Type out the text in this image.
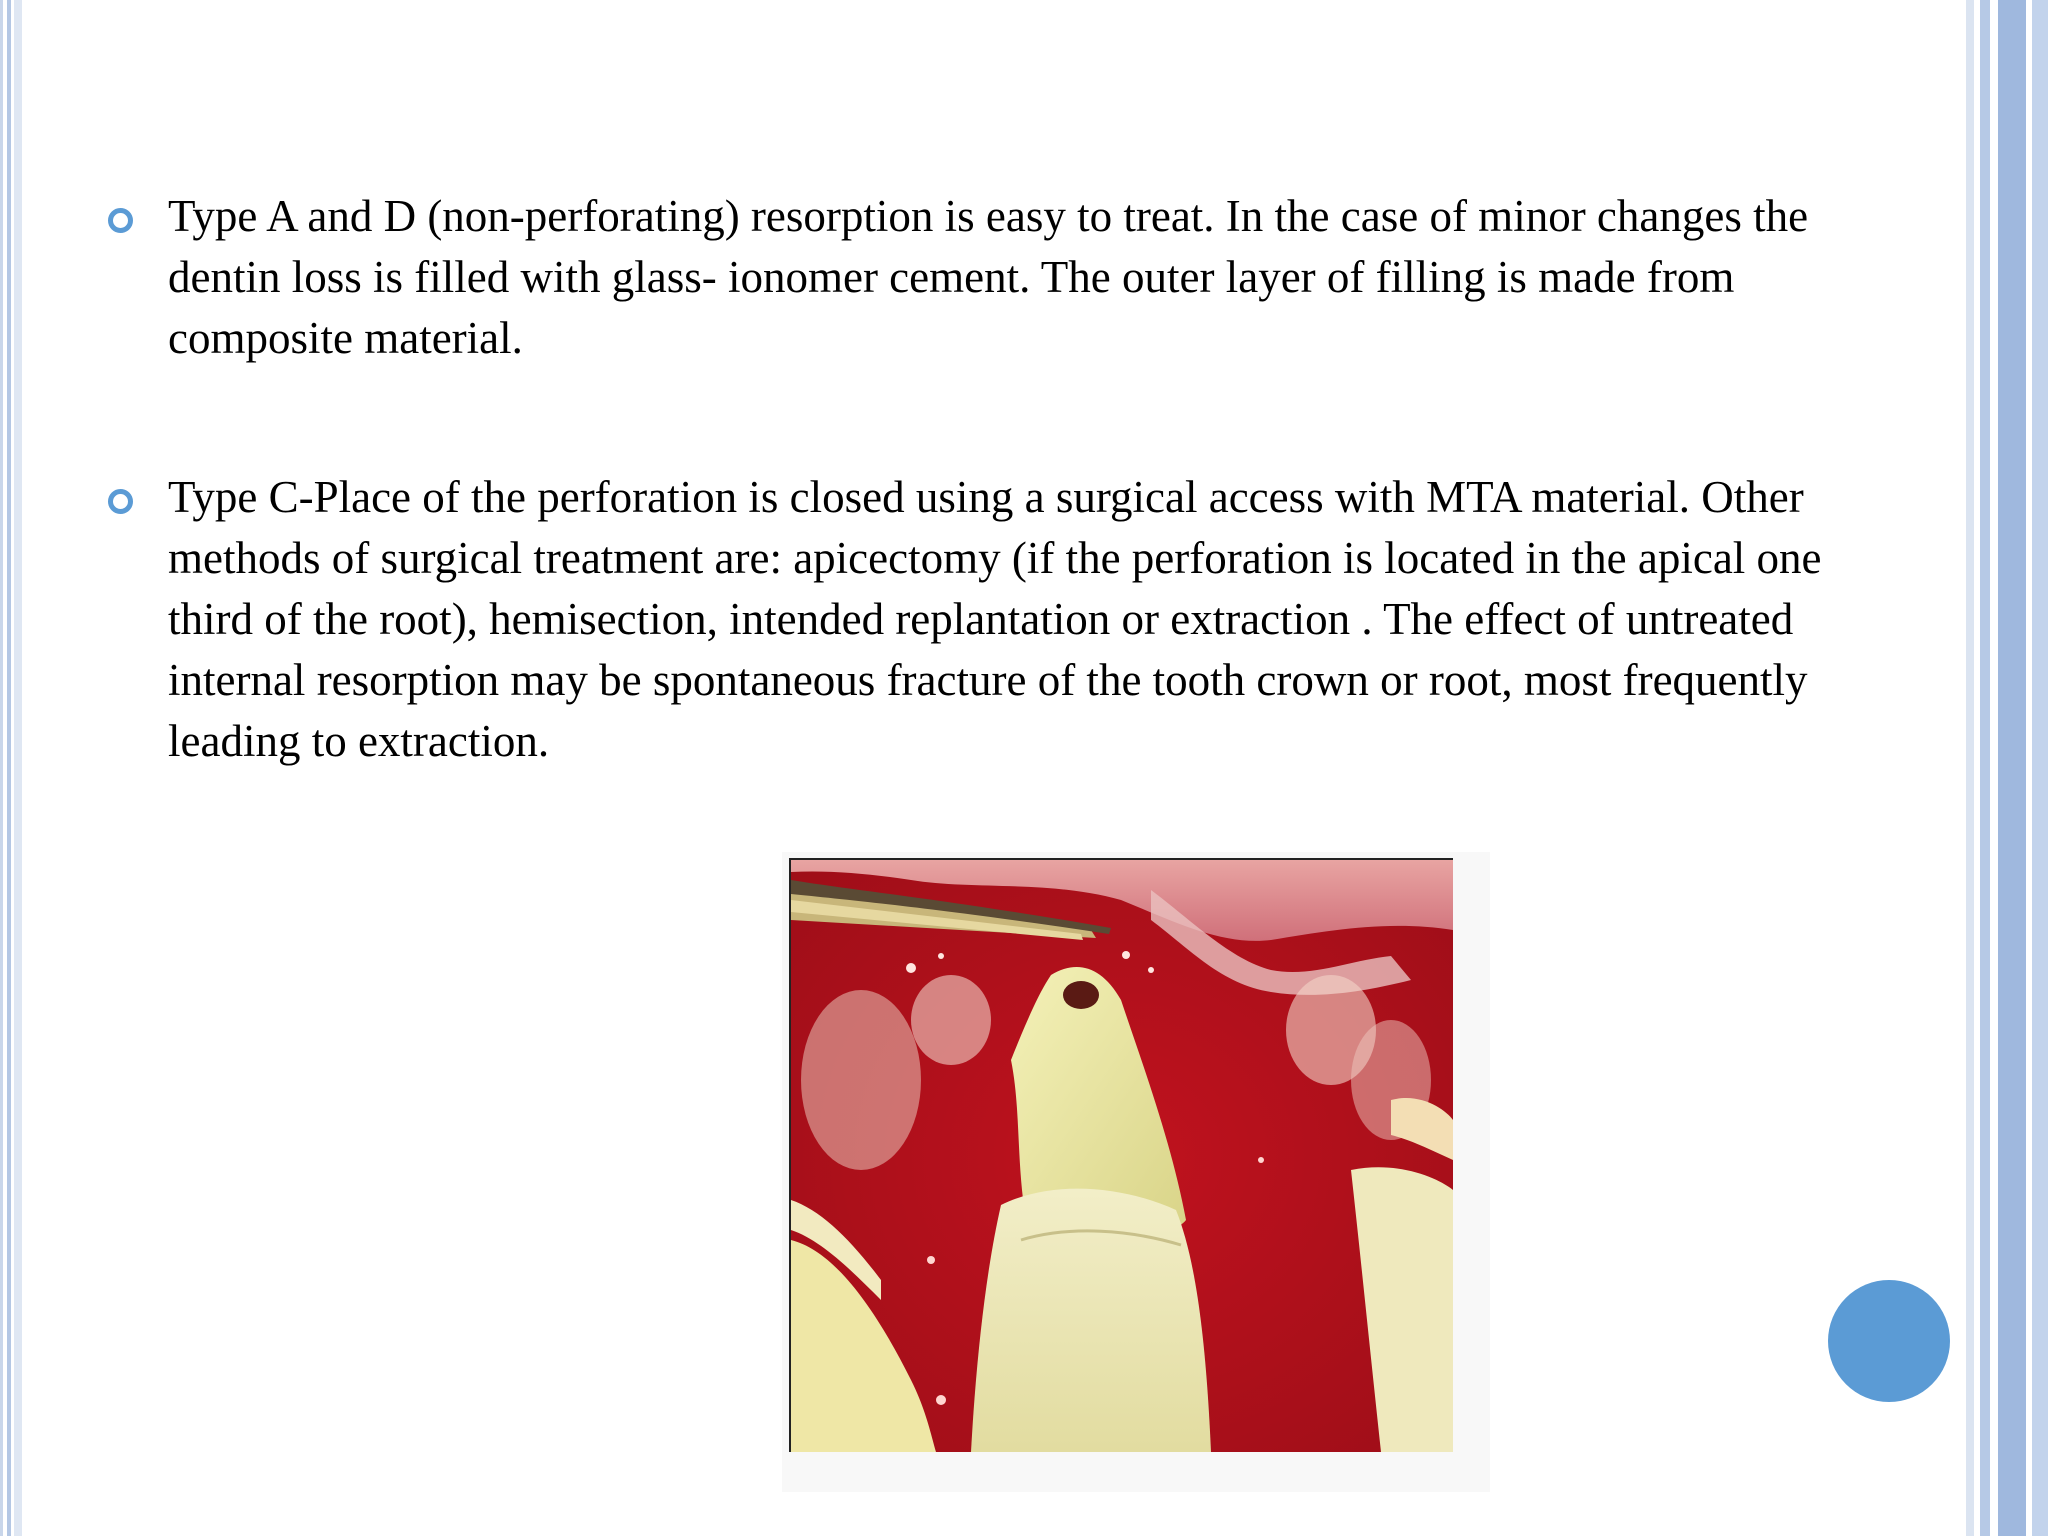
Type A and D (non-perforating) resorption is easy to treat. In the case of minor changes the dentin loss is filled with glass- ionomer cement. The outer layer of filling is made from composite material.

Type C-Place of the perforation is closed using a surgical access with MTA material. Other methods of surgical treatment are: apicectomy (if the perforation is located in the apical one third of the root), hemisection, intended replantation or extraction . The effect of untreated internal resorption may be spontaneous fracture of the tooth crown or root, most frequently leading to extraction.
